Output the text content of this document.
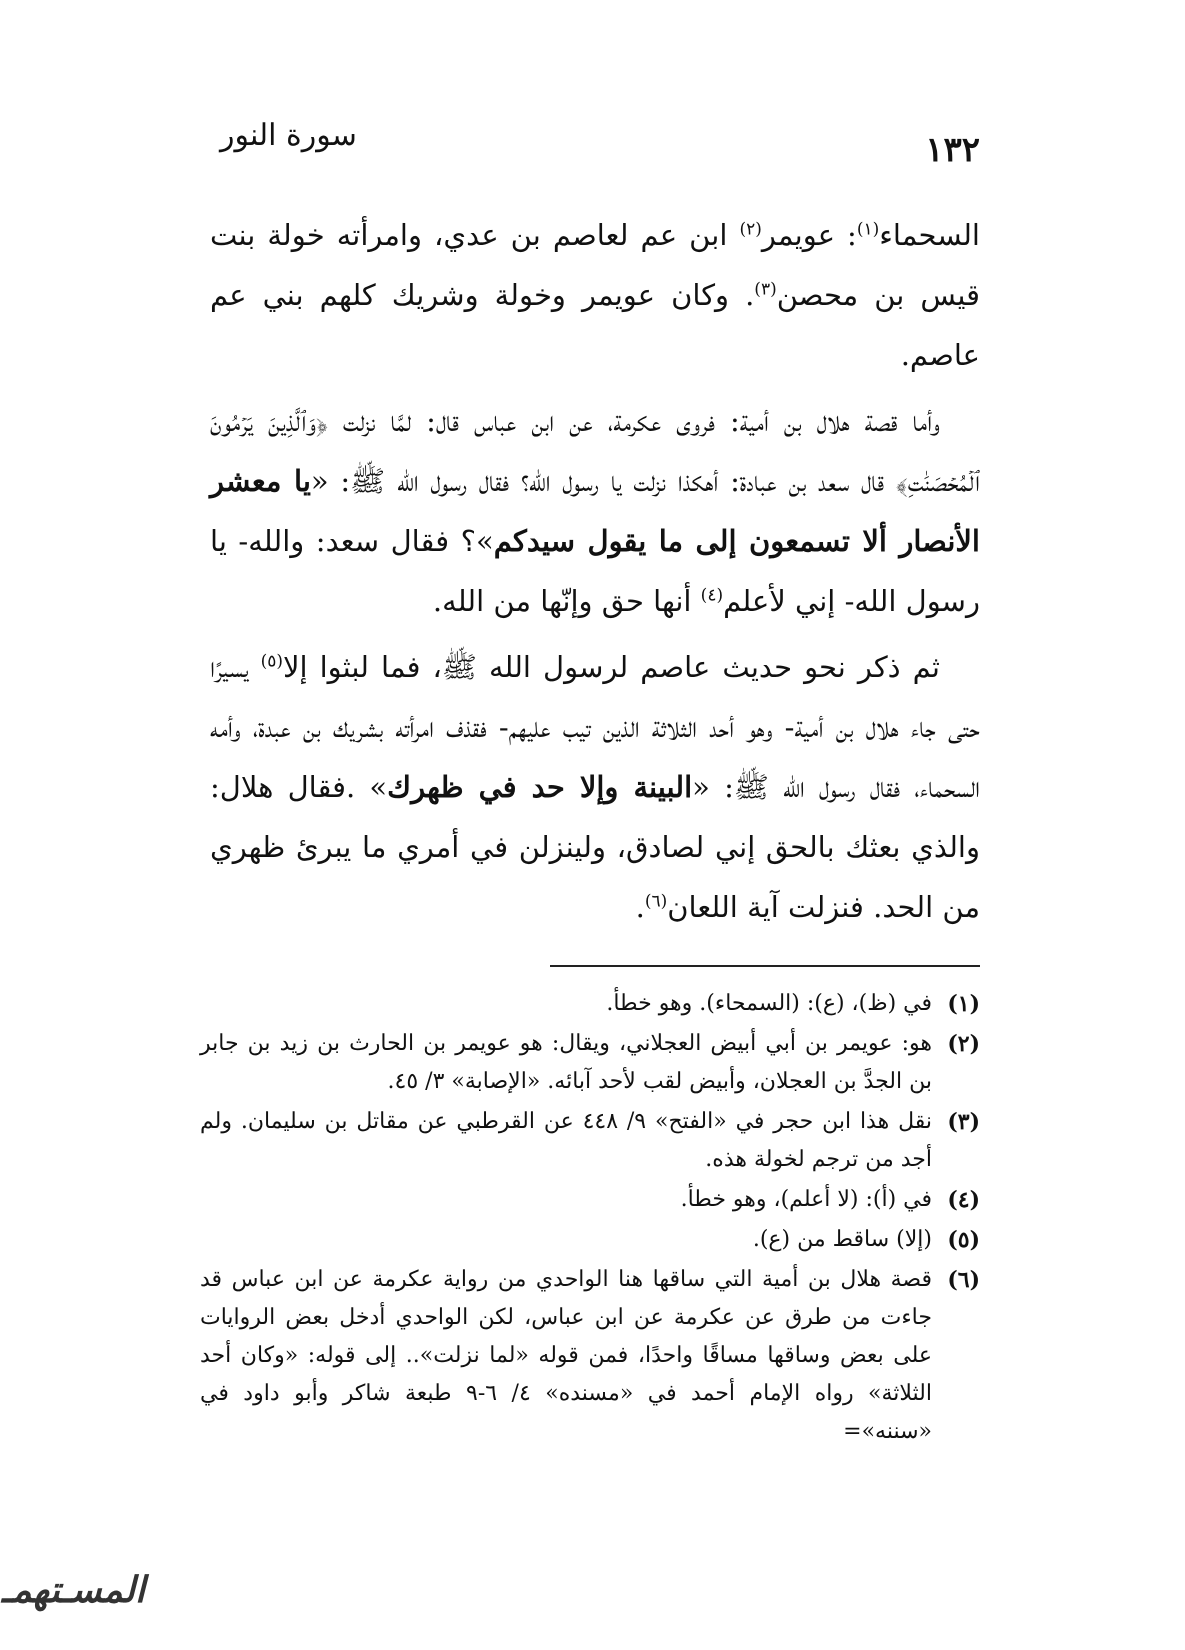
١٣٢
سورة النور

السحماء$^{(١)}$: عويمر$^{(٢)}$ ابن عم لعاصم بن عدي، وامرأته خولة بنت قيس بن محصن$^{(٣)}$. وكان عويمر وخولة وشريك كلهم بني عم عاصم.

وأما قصة هلال بن أمية: فروى عكرمة، عن ابن عباس قال: لمَّا نزلت ﴿وَٱلَّذِينَ يَرۡمُونَ ٱلۡمُحۡصَنَٰتِ﴾ قال سعد بن عبادة: أهكذا نزلت يا رسول الله؟ فقال رسول الله ﷺ: «يا معشر الأنصار ألا تسمعون إلى ما يقول سيدكم»؟ فقال سعد: والله- يا رسول الله- إني لأعلم$^{(٤)}$ أنها حق وإنّها من الله.

ثم ذكر نحو حديث عاصم لرسول الله ﷺ، فما لبثوا إلا$^{(٥)}$ يسيرًا حتى جاء هلال بن أمية- وهو أحد الثلاثة الذين تيب عليهم- فقذف امرأته بشريك بن عبدة، وأمه السحماء، فقال رسول الله ﷺ: «البينة وإلا حد في ظهرك» .فقال هلال: والذي بعثك بالحق إني لصادق، ولينزلن في أمري ما يبرئ ظهري من الحد. فنزلت آية اللعان$^{(٦)}$.

(١)
في (ظ)، (ع): (السمحاء). وهو خطأ.
(٢)
هو: عويمر بن أبي أبيض العجلاني، ويقال: هو عويمر بن الحارث بن زيد بن جابر بن الجدَّ بن العجلان، وأبيض لقب لأحد آبائه. «الإصابة» ٣/ ٤٥.
(٣)
نقل هذا ابن حجر في «الفتح» ٩/ ٤٤٨ عن القرطبي عن مقاتل بن سليمان. ولم أجد من ترجم لخولة هذه.
(٤)
في (أ): (لا أعلم)، وهو خطأ.
(٥)
(إلا) ساقط من (ع).
(٦)
قصة هلال بن أمية التي ساقها هنا الواحدي من رواية عكرمة عن ابن عباس قد جاءت من طرق عن عكرمة عن ابن عباس، لكن الواحدي أدخل بعض الروايات على بعض وساقها مساقًا واحدًا، فمن قوله «لما نزلت».. إلى قوله: «وكان أحد الثلاثة» رواه الإمام أحمد في «مسنده» ٤/ ٦-٩ طبعة شاكر وأبو داود في «سننه»=
المسـتهمـ
